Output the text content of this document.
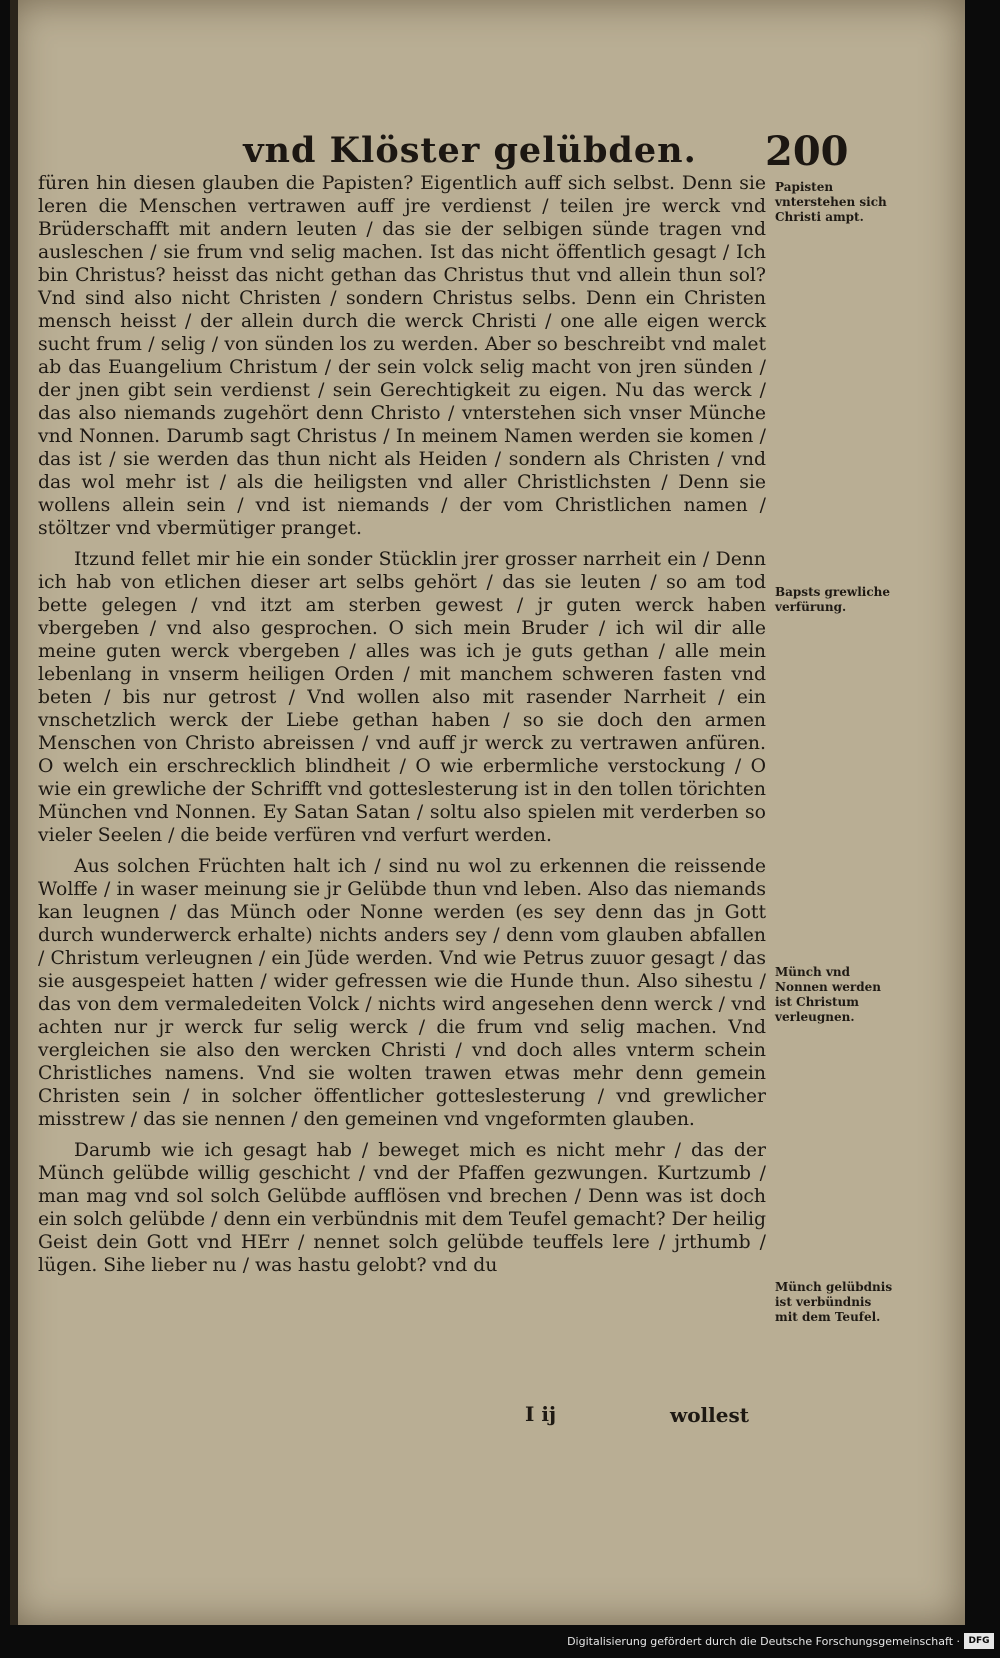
vnd Klöster gelübden.	200

füren hin diesen glauben die Papisten? Eigentlich auff sich selbst. Denn sie leren die Menschen vertrawen auff jre verdienst / teilen jre werck vnd Brüderschafft mit andern leuten / das sie der selbigen sünde tragen vnd ausleschen / sie frum vnd selig machen. Ist das nicht öffentlich gesagt / Ich bin Christus? heisst das nicht gethan das Christus thut vnd allein thun sol? Vnd sind also nicht Christen / sondern Christus selbs. Denn ein Christen mensch heisst / der allein durch die werck Christi / one alle eigen werck sucht frum / selig / von sünden los zu werden. Aber so beschreibt vnd malet ab das Euangelium Christum / der sein volck selig macht von jren sünden / der jnen gibt sein verdienst / sein Gerechtigkeit zu eigen. Nu das werck / das also niemands zugehört denn Christo / vnterstehen sich vnser Münche vnd Nonnen. Darumb sagt Christus / In meinem Namen werden sie komen / das ist / sie werden das thun nicht als Heiden / sondern als Christen / vnd das wol mehr ist / als die heiligsten vnd aller Christlichsten / Denn sie wollens allein sein / vnd ist niemands / der vom Christlichen namen / stöltzer vnd vbermütiger pranget.

Itzund fellet mir hie ein sonder Stücklin jrer grosser narrheit ein / Denn ich hab von etlichen dieser art selbs gehört / das sie leuten / so am tod bette gelegen / vnd itzt am sterben gewest / jr guten werck haben vbergeben / vnd also gesprochen. O sich mein Bruder / ich wil dir alle meine guten werck vbergeben / alles was ich je guts gethan / alle mein lebenlang in vnserm heiligen Orden / mit manchem schweren fasten vnd beten / bis nur getrost / Vnd wollen also mit rasender Narrheit / ein vnschetzlich werck der Liebe gethan haben / so sie doch den armen Menschen von Christo abreissen / vnd auff jr werck zu vertrawen anfüren. O welch ein erschrecklich blindheit / O wie erbermliche verstockung / O wie ein grewliche der Schrifft vnd gotteslesterung ist in den tollen törichten München vnd Nonnen. Ey Satan Satan / soltu also spielen mit verderben so vieler Seelen / die beide verfüren vnd verfurt werden.

Aus solchen Früchten halt ich / sind nu wol zu erkennen die reissende Wolffe / in waser meinung sie jr Gelübde thun vnd leben. Also das niemands kan leugnen / das Münch oder Nonne werden (es sey denn das jn Gott durch wunderwerck erhalte) nichts anders sey / denn vom glauben abfallen / Christum verleugnen / ein Jüde werden. Vnd wie Petrus zuuor gesagt / das sie ausgespeiet hatten / wider gefressen wie die Hunde thun. Also sihestu / das von dem vermaledeiten Volck / nichts wird angesehen denn werck / vnd achten nur jr werck fur selig werck / die frum vnd selig machen. Vnd vergleichen sie also den wercken Christi / vnd doch alles vnterm schein Christliches namens. Vnd sie wolten trawen etwas mehr denn gemein Christen sein / in solcher öffentlicher gotteslesterung / vnd grewlicher misstrew / das sie nennen / den gemeinen vnd vngeformten glauben.

Darumb wie ich gesagt hab / beweget mich es nicht mehr / das der Münch gelübde willig geschicht / vnd der Pfaffen gezwungen. Kurtzumb / man mag vnd sol solch Gelübde aufflösen vnd brechen / Denn was ist doch ein solch gelübde / denn ein verbündnis mit dem Teufel gemacht? Der heilig Geist dein Gott vnd HErr / nennet solch gelübde teuffels lere / jrthumb / lügen. Sihe lieber nu / was hastu gelobt? vnd du

Papisten vnterstehen sich Christi ampt.
Bapsts grewliche verfürung.
Münch vnd Nonnen werden ist Christum verleugnen.
Münch gelübdnis ist verbündnis mit dem Teufel.
I ij	wollest
Digitalisierung gefördert durch die Deutsche Forschungsgemeinschaft · DFG
